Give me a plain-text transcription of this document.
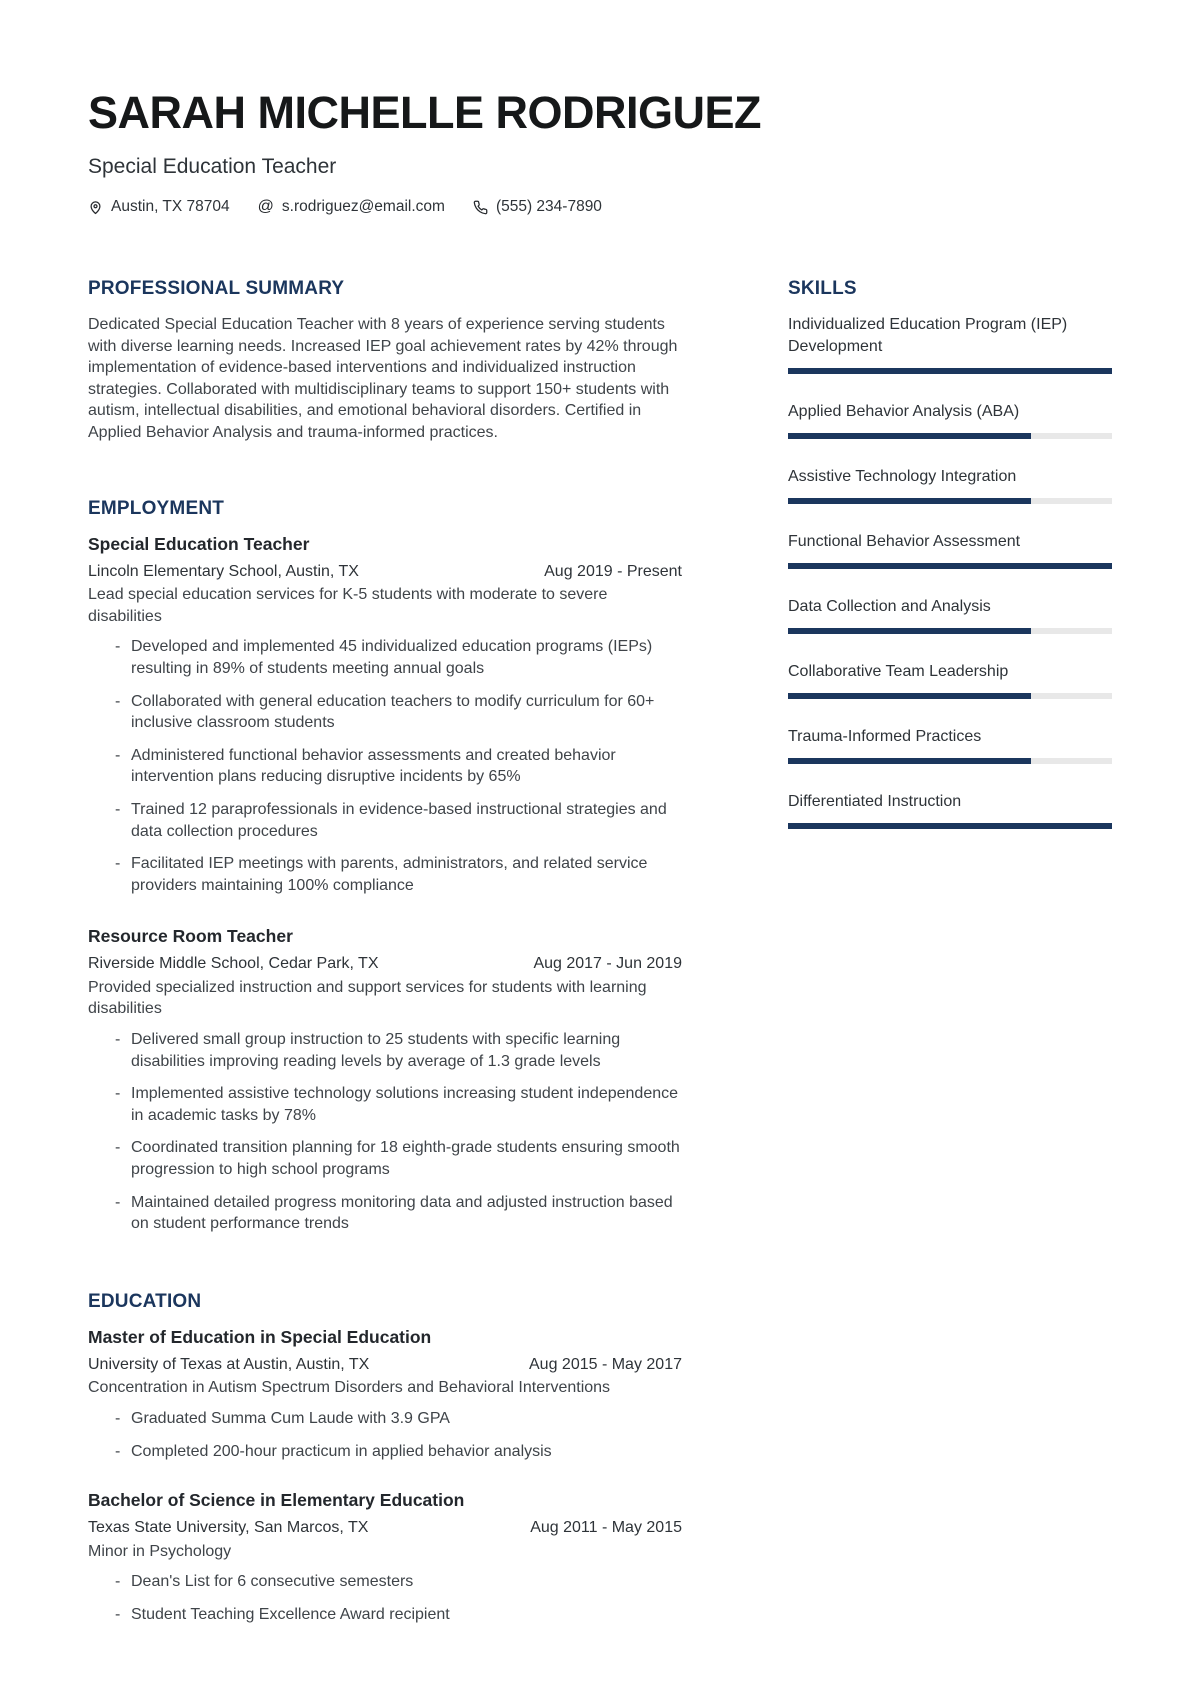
SARAH MICHELLE RODRIGUEZ
Special Education Teacher
Austin, TX 78704 @ s.rodriguez@email.com	(555) 234-7890
PROFESSIONAL SUMMARY

Dedicated Special Education Teacher with 8 years of experience serving students with diverse learning needs. Increased IEP goal achievement rates by 42% through implementation of evidence-based interventions and individualized instruction strategies. Collaborated with multidisciplinary teams to support 150+ students with autism, intellectual disabilities, and emotional behavioral disorders. Certified in Applied Behavior Analysis and trauma-informed practices.

EMPLOYMENT
Special Education Teacher
Lincoln Elementary School, Austin, TX	Aug 2019 - Present
Lead special education services for K-5 students with moderate to severe disabilities
- Developed and implemented 45 individualized education programs (IEPs) resulting in 89% of students meeting annual goals
- Collaborated with general education teachers to modify curriculum for 60+ inclusive classroom students
- Administered functional behavior assessments and created behavior intervention plans reducing disruptive incidents by 65%
- Trained 12 paraprofessionals in evidence-based instructional strategies and data collection procedures
- Facilitated IEP meetings with parents, administrators, and related service providers maintaining 100% compliance
Resource Room Teacher
Riverside Middle School, Cedar Park, TX	Aug 2017 - Jun 2019
Provided specialized instruction and support services for students with learning disabilities
- Delivered small group instruction to 25 students with specific learning disabilities improving reading levels by average of 1.3 grade levels
- Implemented assistive technology solutions increasing student independence in academic tasks by 78%
- Coordinated transition planning for 18 eighth-grade students ensuring smooth progression to high school programs
- Maintained detailed progress monitoring data and adjusted instruction based on student performance trends
EDUCATION
Master of Education in Special Education
University of Texas at Austin, Austin, TX	Aug 2015 - May 2017
Concentration in Autism Spectrum Disorders and Behavioral Interventions
- Graduated Summa Cum Laude with 3.9 GPA
- Completed 200-hour practicum in applied behavior analysis
Bachelor of Science in Elementary Education
Texas State University, San Marcos, TX	Aug 2011 - May 2015
Minor in Psychology
- Dean's List for 6 consecutive semesters
- Student Teaching Excellence Award recipient
SKILLS
Individualized Education Program (IEP) Development
Applied Behavior Analysis (ABA)
Assistive Technology Integration
Functional Behavior Assessment
Data Collection and Analysis
Collaborative Team Leadership
Trauma-Informed Practices
Differentiated Instruction
